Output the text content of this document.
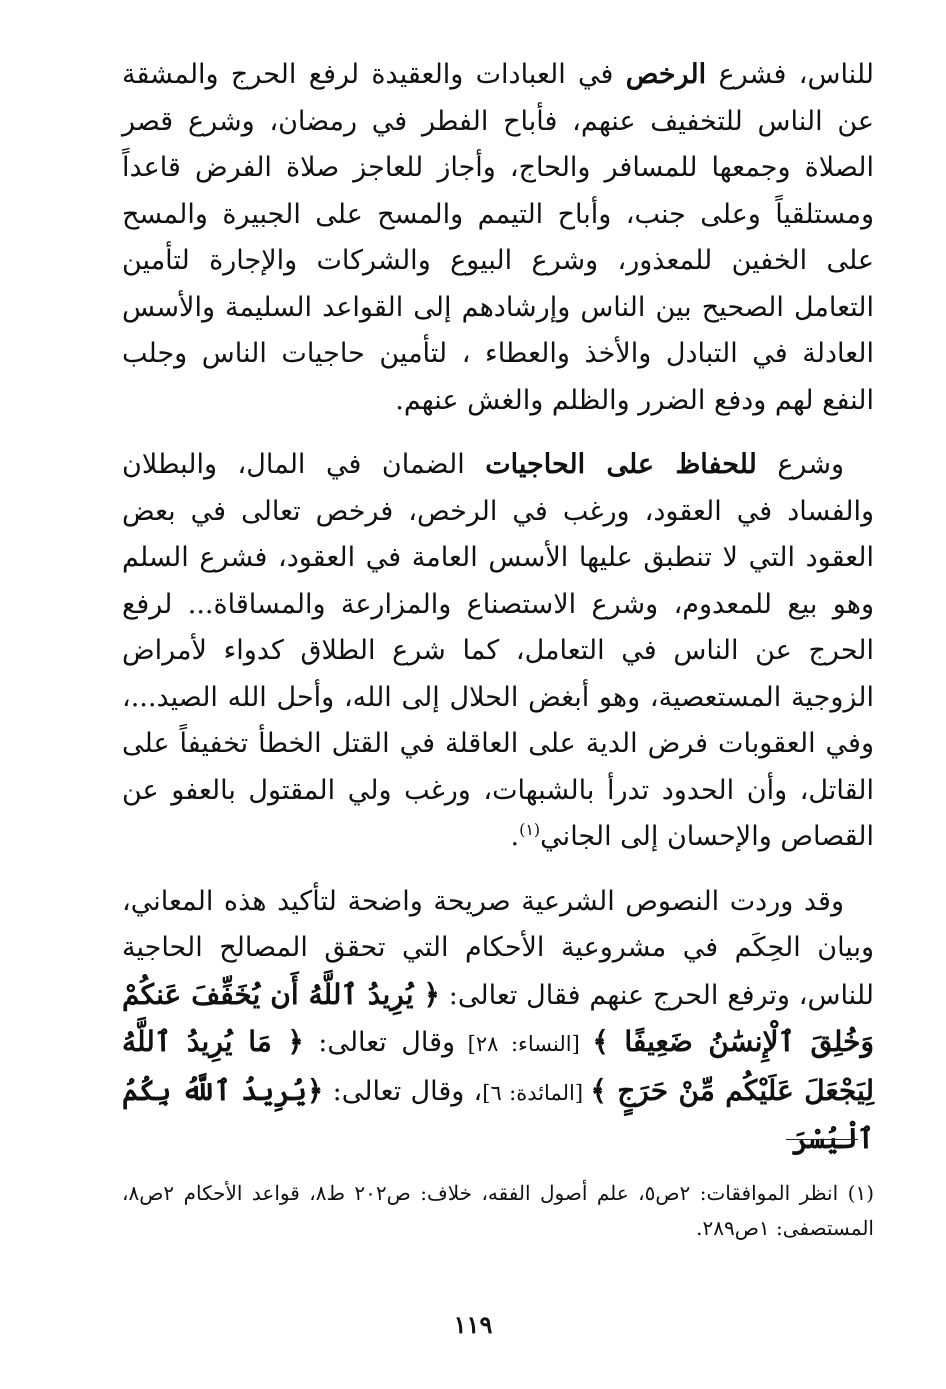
للناس، فشرع الرخص في العبادات والعقيدة لرفع الحرج والمشقة عن الناس للتخفيف عنهم، فأباح الفطر في رمضان، وشرع قصر الصلاة وجمعها للمسافر والحاج، وأجاز للعاجز صلاة الفرض قاعداً ومستلقياً وعلى جنب، وأباح التيمم والمسح على الجبيرة والمسح على الخفين للمعذور، وشرع البيوع والشركات والإجارة لتأمين التعامل الصحيح بين الناس وإرشادهم إلى القواعد السليمة والأسس العادلة في التبادل والأخذ والعطاء ، لتأمين حاجيات الناس وجلب النفع لهم ودفع الضرر والظلم والغش عنهم.

وشرع للحفاظ على الحاجيات الضمان في المال، والبطلان والفساد في العقود، ورغب في الرخص، فرخص تعالى في بعض العقود التي لا تنطبق عليها الأسس العامة في العقود، فشرع السلم وهو بيع للمعدوم، وشرع الاستصناع والمزارعة والمساقاة... لرفع الحرج عن الناس في التعامل، كما شرع الطلاق كدواء لأمراض الزوجية المستعصية، وهو أبغض الحلال إلى الله، وأحل الله الصيد...، وفي العقوبات فرض الدية على العاقلة في القتل الخطأ تخفيفاً على القاتل، وأن الحدود تدرأ بالشبهات، ورغب ولي المقتول بالعفو عن القصاص والإحسان إلى الجاني$^{(١)}$.

وقد وردت النصوص الشرعية صريحة واضحة لتأكيد هذه المعاني، وبيان الحِكَم في مشروعية الأحكام التي تحقق المصالح الحاجية للناس، وترفع الحرج عنهم فقال تعالى: ﴿ يُرِيدُ ٱللَّهُ أَن يُخَفِّفَ عَنكُمْ وَخُلِقَ ٱلْإِنسَٰنُ ضَعِيفًا ﴾ [النساء: ٢٨] وقال تعالى: ﴿ مَا يُرِيدُ ٱللَّهُ لِيَجْعَلَ عَلَيْكُم مِّنْ حَرَجٍ ﴾ [المائدة: ٦]، وقال تعالى: ﴿يُرِيدُ ٱللَّهُ بِكُمُ ٱلْيُسْرَ

(١) انظر الموافقات: ٢ص٥، علم أصول الفقه، خلاف: ص٢٠٢ ط٨، قواعد الأحكام ٢ص٨، المستصفى: ١ص٢٨٩.
١١٩
